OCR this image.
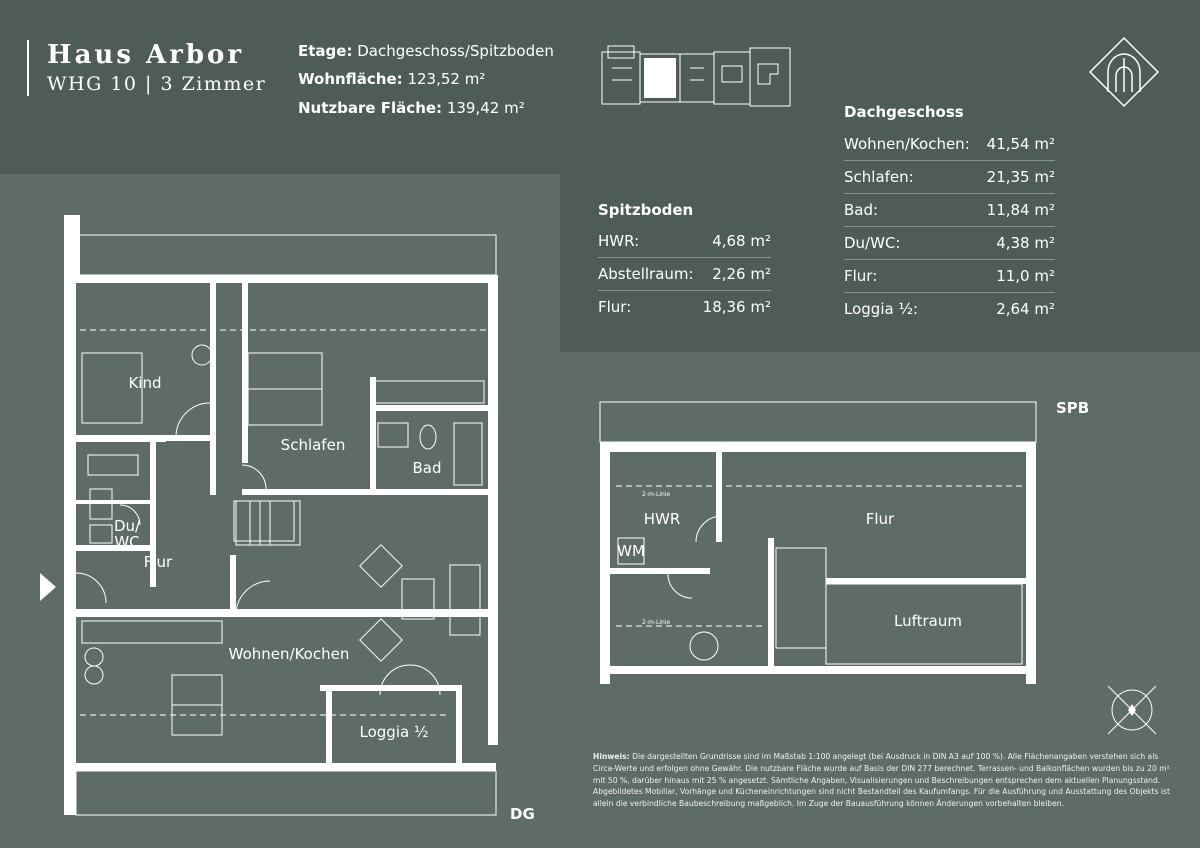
Haus Arbor
WHG 10 | 3 Zimmer
Etage: Dachgeschoss/Spitzboden
Wohnfläche: 123,52 m²
Nutzbare Fläche: 139,42 m²	Dachgeschoss
Wohnen/Kochen:	41,54 m²
Schlafen:	21,35 m²
Bad:	11,84 m²
Du/WC:	4,38 m²
Flur:	11,0 m²
Loggia ½:	2,64 m²
Spitzboden
HWR:	4,68 m²
Abstellraum:	2,26 m²
Flur:	18,36 m²
Kind
Schlafen
Bad
Du/
WC
Flur
Wohnen/Kochen
Loggia ½
DG
HWR	Flur
Luftraum
WM
2-m-Linie
2-m-Linie
SPB
Hinweis: Die dargestellten Grundrisse sind im Maßstab 1:100 angelegt (bei Ausdruck in DIN A3 auf 100 %). Alle Flächenangaben verstehen sich als Circa-Werte und erfolgen ohne Gewähr. Die nutzbare Fläche wurde auf Basis der DIN 277 berechnet. Terrassen- und Balkonflächen wurden bis zu 20 m² mit 50 %, darüber hinaus mit 25 % angesetzt. Sämtliche Angaben, Visualisierungen und Beschreibungen entsprechen dem aktuellen Planungsstand. Abgebildetes Mobiliar, Vorhänge und Kücheneinrichtungen sind nicht Bestandteil des Kaufumfangs. Für die Ausführung und Ausstattung des Objekts ist allein die verbindliche Baubeschreibung maßgeblich. Im Zuge der Bauausführung können Änderungen vorbehalten bleiben.
